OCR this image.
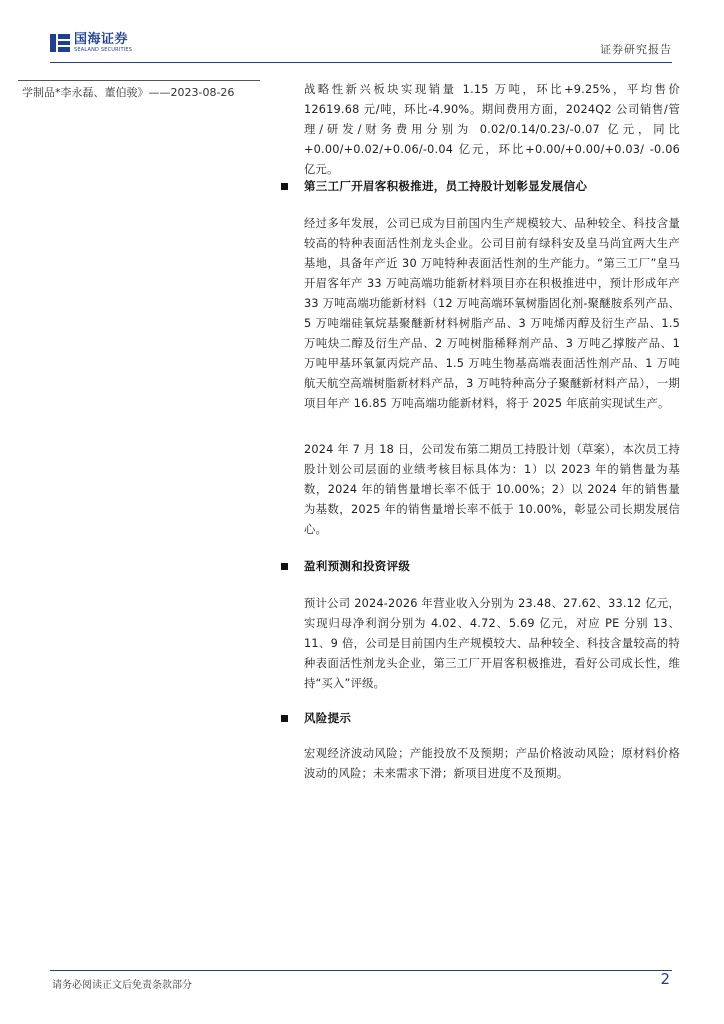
国海证券
SEALAND SECURITIES	证券研究报告
学制品*李永磊、董伯骏》——2023-08-26	战略性新兴板块实现销量 1.15 万吨，环比+9.25%，平均售价 12619.68 元/吨，环比-4.90%。期间费用方面，2024Q2 公司销售/管理/研发/财务费用分别为 0.02/0.14/0.23/-0.07 亿元，同比+0.00/+0.02/+0.06/-0.04 亿元，环比+0.00/+0.00/+0.03/ -0.06 亿元。

第三工厂开眉客积极推进，员工持股计划彰显发展信心

经过多年发展，公司已成为目前国内生产规模较大、品种较全、科技含量较高的特种表面活性剂龙头企业。公司目前有绿科安及皇马尚宜两大生产基地，具备年产近 30 万吨特种表面活性剂的生产能力。“第三工厂”皇马开眉客年产 33 万吨高端功能新材料项目亦在积极推进中，预计形成年产 33 万吨高端功能新材料（12 万吨高端环氧树脂固化剂-聚醚胺系列产品、5 万吨端硅氧烷基聚醚新材料树脂产品、3 万吨烯丙醇及衍生产品、1.5 万吨炔二醇及衍生产品、2 万吨树脂稀释剂产品、3 万吨乙撑胺产品、1 万吨甲基环氧氯丙烷产品、1.5 万吨生物基高端表面活性剂产品、1 万吨航天航空高端树脂新材料产品，3 万吨特种高分子聚醚新材料产品），一期项目年产 16.85 万吨高端功能新材料，将于 2025 年底前实现试生产。

2024 年 7 月 18 日，公司发布第二期员工持股计划（草案），本次员工持股计划公司层面的业绩考核目标具体为：1）以 2023 年的销售量为基数，2024 年的销售量增长率不低于 10.00%；2）以 2024 年的销售量为基数，2025 年的销售量增长率不低于 10.00%，彰显公司长期发展信心。

盈利预测和投资评级

预计公司 2024-2026 年营业收入分别为 23.48、27.62、33.12 亿元，实现归母净利润分别为 4.02、4.72、5.69 亿元，对应 PE 分别 13、11、9 倍，公司是目前国内生产规模较大、品种较全、科技含量较高的特种表面活性剂龙头企业，第三工厂开眉客积极推进，看好公司成长性，维持“买入”评级。

风险提示

宏观经济波动风险；产能投放不及预期；产品价格波动风险；原材料价格波动的风险；未来需求下滑；新项目进度不及预期。

请务必阅读正文后免责条款部分	2
